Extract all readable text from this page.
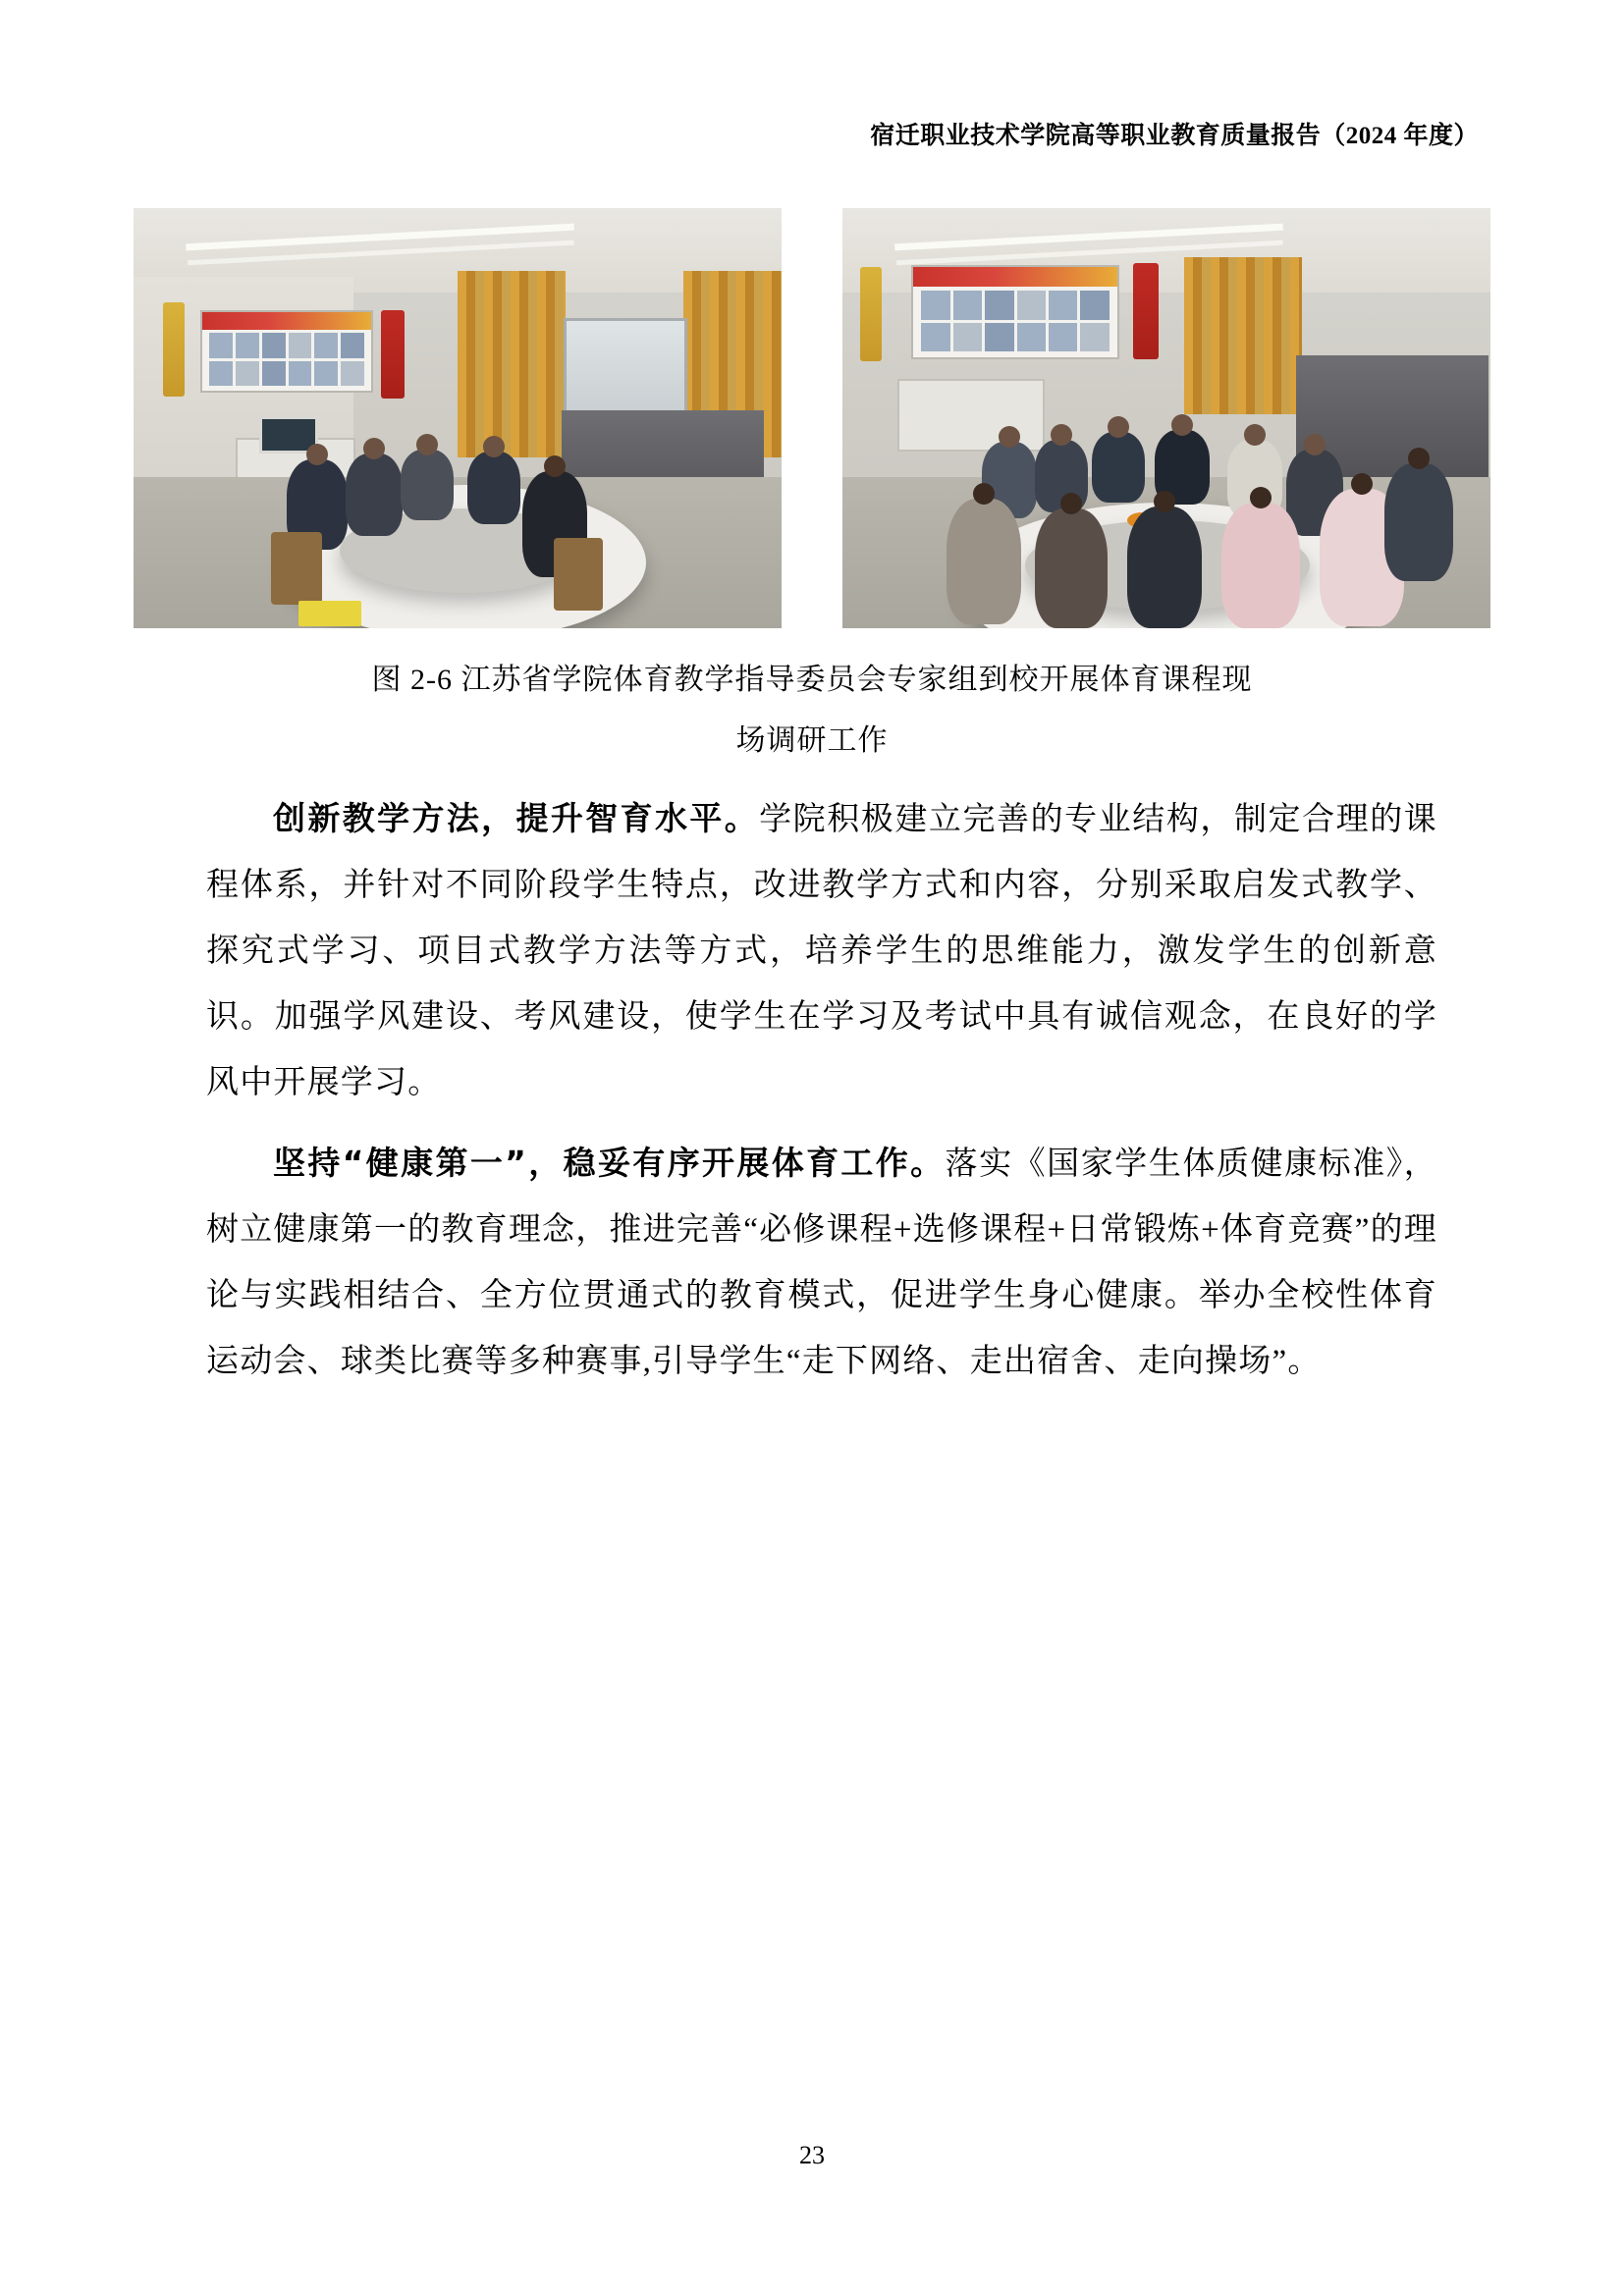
宿迁职业技术学院高等职业教育质量报告（2024 年度）
图 2-6 江苏省学院体育教学指导委员会专家组到校开展体育课程现
场调研工作

创新教学方法，提升智育水平。学院积极建立完善的专业结构，制定合理的课程体系，并针对不同阶段学生特点，改进教学方式和内容，分别采取启发式教学、探究式学习、项目式教学方法等方式，培养学生的思维能力，激发学生的创新意识。加强学风建设、考风建设，使学生在学习及考试中具有诚信观念，在良好的学风中开展学习。

坚持“健康第一”，稳妥有序开展体育工作。落实《国家学生体质健康标准》，树立健康第一的教育理念，推进完善“必修课程+选修课程+日常锻炼+体育竞赛”的理论与实践相结合、全方位贯通式的教育模式，促进学生身心健康。举办全校性体育运动会、球类比赛等多种赛事,引导学生“走下网络、走出宿舍、走向操场”。

23
